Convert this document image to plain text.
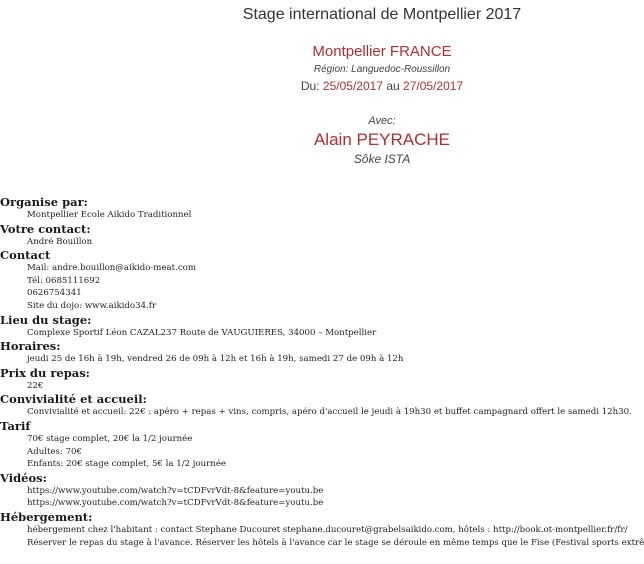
Stage international de Montpellier 2017
Montpellier FRANCE
Région: Languedoc-Roussillon
Du: 25/05/2017 au 27/05/2017
Avec:
Alain PEYRACHE
Sôke ISTA
Organise par:
Montpellier Ecole Aikido Traditionnel
Votre contact:
André Bouillon
Contact
Mail: andre.bouillon@aikido-meat.com
Tél: 0685111692
0626754341
Site du dojo: www.aikido34.fr
Lieu du stage:
Complexe Sportif Léon CAZAL237 Route de VAUGUIERES, 34000 – Montpellier
Horaires:
jeudi 25 de 16h à 19h, vendred 26 de 09h à 12h et 16h à 19h, samedi 27 de 09h à 12h
Prix du repas:
22€
Convivialité et accueil:
Convivialité et accueil: 22€ : apéro + repas + vins, compris, apéro d'accueil le jeudi à 19h30 et buffet campagnard offert le samedi 12h30.
Tarif
70€ stage complet, 20€ la 1/2 journée
Adultes: 70€
Enfants: 20€ stage complet, 5€ la 1/2 journée
Vidéos:
https://www.youtube.com/watch?v=tCDFvrVdt-8&feature=youtu.be
https://www.youtube.com/watch?v=tCDFvrVdt-8&feature=youtu.be
Hébergement:
hébergement chez l'habitant : contact Stephane Ducouret stephane.ducouret@grabelsaikido.com, hôtels : http://book.ot-montpellier.fr/fr/
Réserver le repas du stage à l'avance. Réserver les hôtels à l'avance car le stage se déroule en même temps que le Fise (Festival sports extrê
